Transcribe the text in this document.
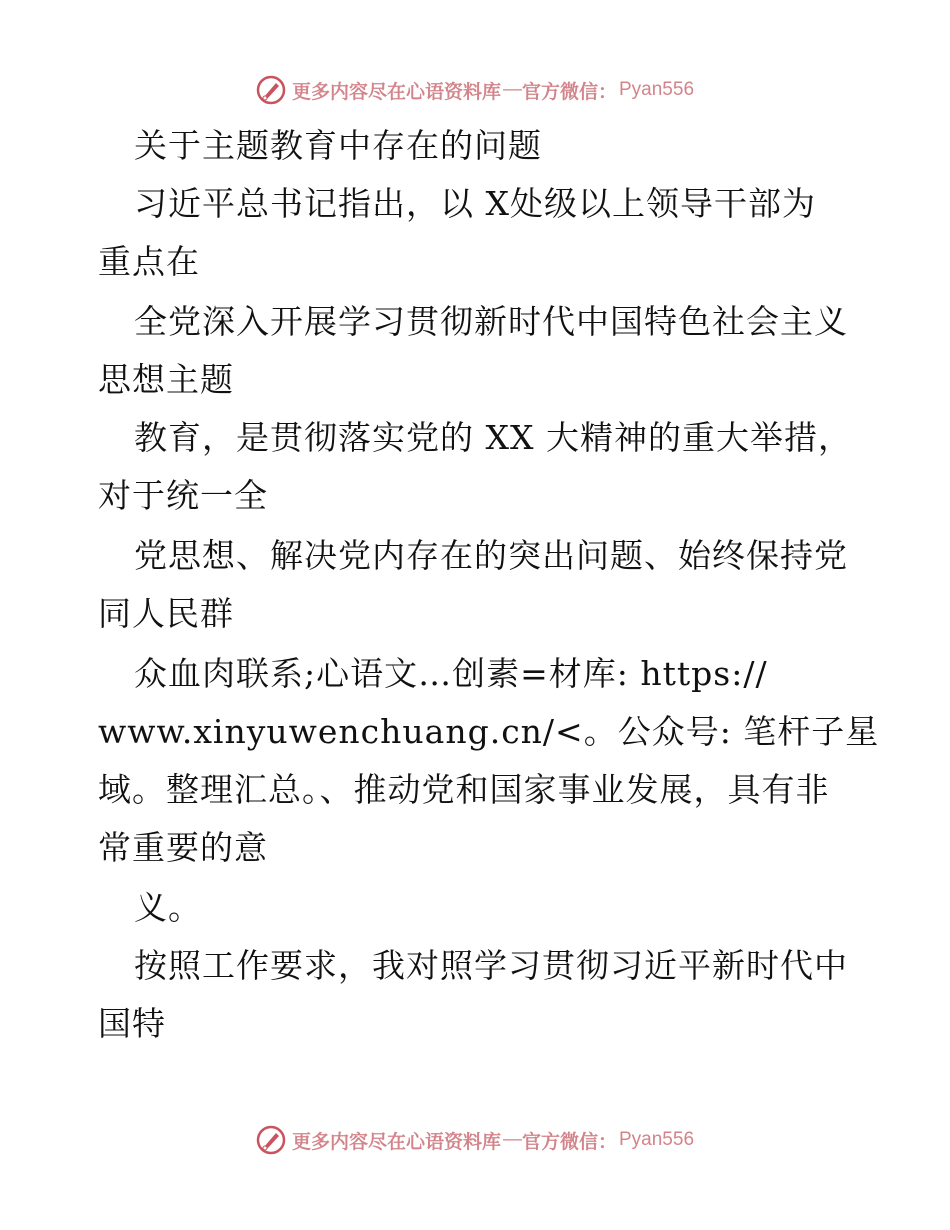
更多内容尽在心语资料库 — 官方微信： Pyan556
关于主题教育中存在的问题
习近平总书记指出，以 X处级以上领导干部为
重点在
全党深入开展学习贯彻新时代中国特色社会主义
思想主题
教育，是贯彻落实党的 XX 大精神的重大举措，
对于统一全
党思想、解决党内存在的突出问题、始终保持党
同人民群
众血肉联系;心语文…创素=材库: https://
www.xinyuwenchuang.cn/<。公众号: 笔杆子星
域。整理汇总。、推动党和国家事业发展，具有非
常重要的意
义。
按照工作要求，我对照学习贯彻习近平新时代中
国特
更多内容尽在心语资料库 — 官方微信： Pyan556
